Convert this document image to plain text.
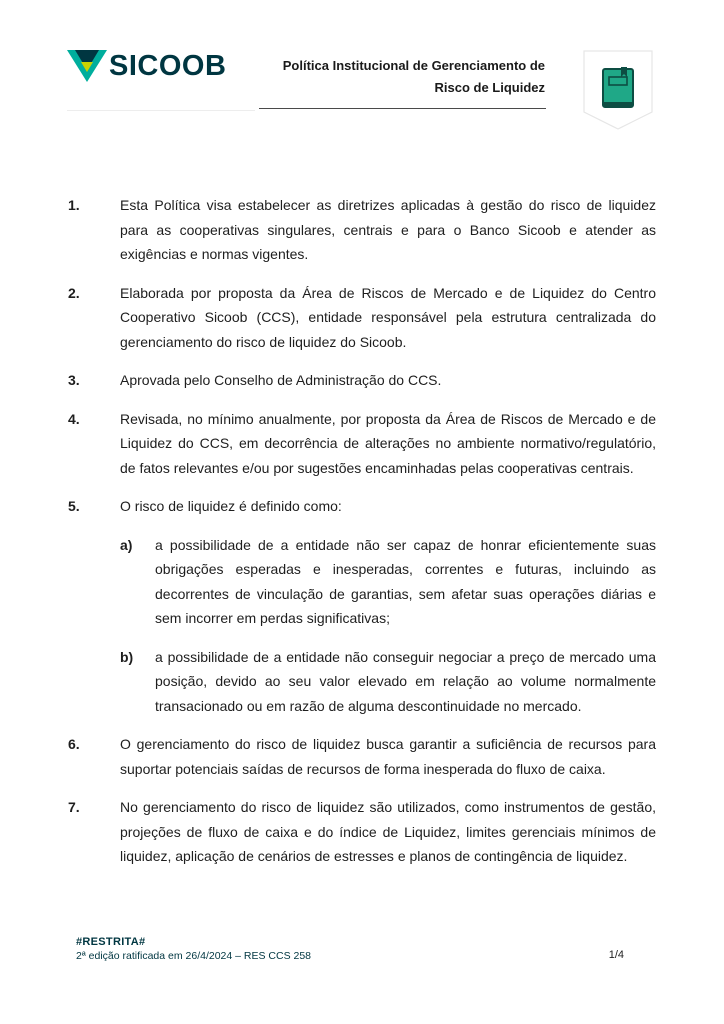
SICOOB	Política Institucional de Gerenciamento de
Risco de Liquidez
1.	Esta Política visa estabelecer as diretrizes aplicadas à gestão do risco de liquidez para as cooperativas singulares, centrais e para o Banco Sicoob e atender as exigências e normas vigentes.
2.	Elaborada por proposta da Área de Riscos de Mercado e de Liquidez do Centro Cooperativo Sicoob (CCS), entidade responsável pela estrutura centralizada do gerenciamento do risco de liquidez do Sicoob.
3.	Aprovada pelo Conselho de Administração do CCS.
4.	Revisada, no mínimo anualmente, por proposta da Área de Riscos de Mercado e de Liquidez do CCS, em decorrência de alterações no ambiente normativo/regulatório, de fatos relevantes e/ou por sugestões encaminhadas pelas cooperativas centrais.
5.	O risco de liquidez é definido como:
a)	a possibilidade de a entidade não ser capaz de honrar eficientemente suas obrigações esperadas e inesperadas, correntes e futuras, incluindo as decorrentes de vinculação de garantias, sem afetar suas operações diárias e sem incorrer em perdas significativas;
b)	a possibilidade de a entidade não conseguir negociar a preço de mercado uma posição, devido ao seu valor elevado em relação ao volume normalmente transacionado ou em razão de alguma descontinuidade no mercado.
6.	O gerenciamento do risco de liquidez busca garantir a suficiência de recursos para suportar potenciais saídas de recursos de forma inesperada do fluxo de caixa.
7.	No gerenciamento do risco de liquidez são utilizados, como instrumentos de gestão, projeções de fluxo de caixa e do índice de Liquidez, limites gerenciais mínimos de liquidez, aplicação de cenários de estresses e planos de contingência de liquidez.
#RESTRITA#
2ª edição ratificada em 26/4/2024 – RES CCS 258	1/4
